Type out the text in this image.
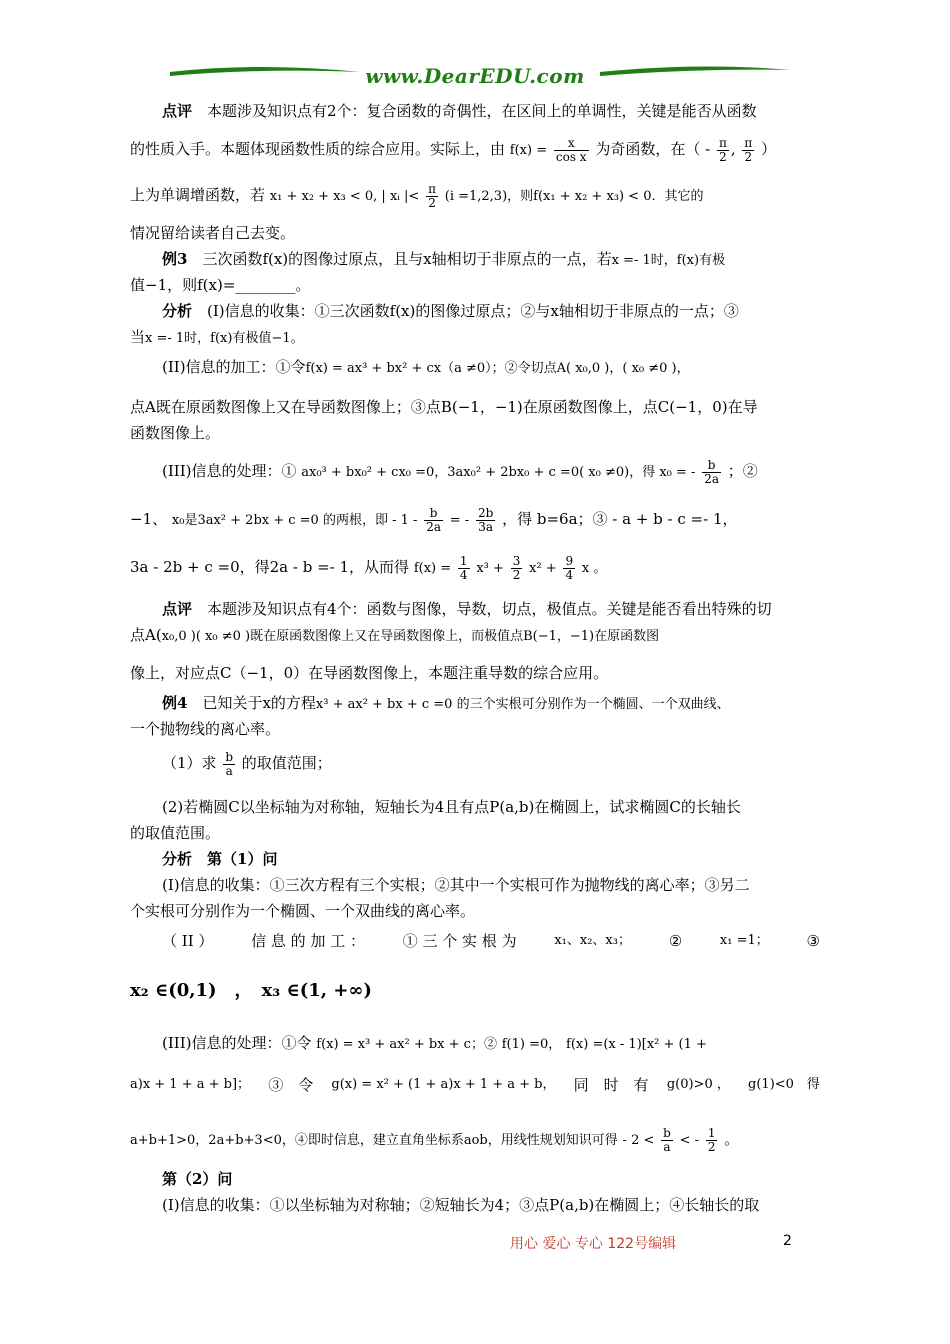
www.DearEDU.com
点评　本题涉及知识点有2个：复合函数的奇偶性，在区间上的单调性，关键是能否从函数
的性质入手。本题体现函数性质的综合应用。实际上，由 $f(x) = \frac{x}{\text{cos x}}$ 为奇函数，在（ - $\frac{\pi}{2}$ , $\frac{\pi}{2}$ ）
上为单调增函数，若 x₁ + x₂ + x₃ < 0, | xᵢ |< $\frac{\pi}{2} (i =1,2,3)$，则f(x₁ + x₂ + x₃) < 0．其它的
情况留给读者自己去变。
例3　三次函数f(x)的图像过原点，且与x轴相切于非原点的一点，若x =- 1时，f(x)有极
值−1，则f(x)=________。
分析　(I)信息的收集：①三次函数f(x)的图像过原点；②与x轴相切于非原点的一点；③
当x =- 1时，f(x)有极值−1。
(II)信息的加工：①令f(x) = ax³ + bx² + cx（a ≠0）；②令切点A( x₀,0 )，( x₀ ≠0 )，
点A既在原函数图像上又在导函数图像上；③点B(−1，−1)在原函数图像上，点C(−1，0)在导
函数图像上。
(III)信息的处理：① ax₀³ + bx₀² + cx₀ =0，3ax₀² + 2bx₀ + c =0( x₀ ≠0)，得 x₀ = - $\frac{b}{2a}$ ；②
−1、 x₀是3ax² + 2bx + c =0 的两根，即 - $1 - \frac{b}{2a}$ = - $\frac{2b}{3a}$ ，得 b=6a；③ - a + b - c =- 1，
3a - 2b + c =0，得2a - b =- 1，从而得 $f(x) = \frac{1}{4} x^3 + \frac{3}{2} x^2 + \frac{9}{4}$ x 。
点评　本题涉及知识点有4个：函数与图像，导数，切点，极值点。关键是能否看出特殊的切
点A(x₀,0 )( x₀ ≠0 )既在原函数图像上又在导函数图像上，而极值点B(−1，−1)在原函数图
像上，对应点C（−1，0）在导函数图像上，本题注重导数的综合应用。
例4　已知关于x的方程x³ + ax² + bx + c =0 的三个实根可分别作为一个椭圆、一个双曲线、
一个抛物线的离心率。
（1）求 $\frac{b}{a}$ 的取值范围；
(2)若椭圆C以坐标轴为对称轴，短轴长为4且有点P(a,b)在椭圆上，试求椭圆C的长轴长
的取值范围。
分析　第（1）问
(I)信息的收集：①三次方程有三个实根；②其中一个实根可作为抛物线的离心率；③另二
个实根可分别作为一个椭圆、一个双曲线的离心率。
（ II ）	信 息 的 加 工 ：	① 三 个 实 根 为	x₁、x₂、x₃；	②	x₁ =1；	③
x₂ ∈(0,1)　，　x₃ ∈(1, +∞)
(III)信息的处理：①令 f(x) = x³ + ax² + bx + c；② f(1) =0， f(x) =(x - 1)[x² + (1 +
a)x + 1 + a + b]； ③　令 g(x) = x² + (1 + a)x + 1 + a + b， 同　时　有 g(0)>0 ， g(1)<0　得
a+b+1>0，2a+b+3<0，④即时信息，建立直角坐标系aob，用线性规划知识可得 - $2 < \frac{b}{a}$ < - $\frac{1}{2}$ 。
第（2）问
(I)信息的收集：①以坐标轴为对称轴；②短轴长为4；③点P(a,b)在椭圆上；④长轴长的取
用心 爱心 专心 122号编辑	2
